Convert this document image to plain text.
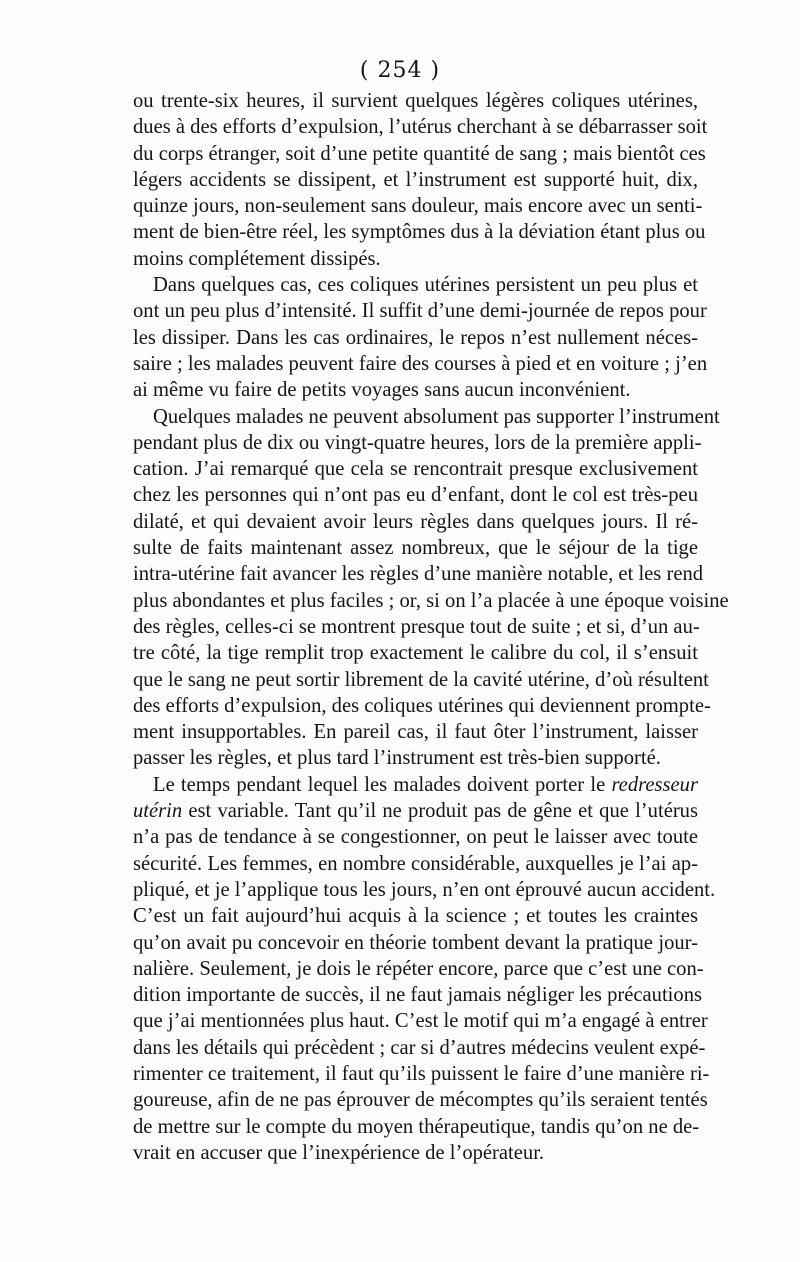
( 254 )
ou trente-six heures, il survient quelques légères coliques utérines,
dues à des efforts d’expulsion, l’utérus cherchant à se débarrasser soit
du corps étranger, soit d’une petite quantité de sang ; mais bientôt ces
légers accidents se dissipent, et l’instrument est supporté huit, dix,
quinze jours, non-seulement sans douleur, mais encore avec un senti-
ment de bien-être réel, les symptômes dus à la déviation étant plus ou
moins complétement dissipés.
Dans quelques cas, ces coliques utérines persistent un peu plus et
ont un peu plus d’intensité. Il suffit d’une demi-journée de repos pour
les dissiper. Dans les cas ordinaires, le repos n’est nullement néces-
saire ; les malades peuvent faire des courses à pied et en voiture ; j’en
ai même vu faire de petits voyages sans aucun inconvénient.
Quelques malades ne peuvent absolument pas supporter l’instrument
pendant plus de dix ou vingt-quatre heures, lors de la première appli-
cation. J’ai remarqué que cela se rencontrait presque exclusivement
chez les personnes qui n’ont pas eu d’enfant, dont le col est très-peu
dilaté, et qui devaient avoir leurs règles dans quelques jours. Il ré-
sulte de faits maintenant assez nombreux, que le séjour de la tige
intra-utérine fait avancer les règles d’une manière notable, et les rend
plus abondantes et plus faciles ; or, si on l’a placée à une époque voisine
des règles, celles-ci se montrent presque tout de suite ; et si, d’un au-
tre côté, la tige remplit trop exactement le calibre du col, il s’ensuit
que le sang ne peut sortir librement de la cavité utérine, d’où résultent
des efforts d’expulsion, des coliques utérines qui deviennent prompte-
ment insupportables. En pareil cas, il faut ôter l’instrument, laisser
passer les règles, et plus tard l’instrument est très-bien supporté.
Le temps pendant lequel les malades doivent porter le redresseur
utérin est variable. Tant qu’il ne produit pas de gêne et que l’utérus
n’a pas de tendance à se congestionner, on peut le laisser avec toute
sécurité. Les femmes, en nombre considérable, auxquelles je l’ai ap-
pliqué, et je l’applique tous les jours, n’en ont éprouvé aucun accident.
C’est un fait aujourd’hui acquis à la science ; et toutes les craintes
qu’on avait pu concevoir en théorie tombent devant la pratique jour-
nalière. Seulement, je dois le répéter encore, parce que c’est une con-
dition importante de succès, il ne faut jamais négliger les précautions
que j’ai mentionnées plus haut. C’est le motif qui m’a engagé à entrer
dans les détails qui précèdent ; car si d’autres médecins veulent expé-
rimenter ce traitement, il faut qu’ils puissent le faire d’une manière ri-
goureuse, afin de ne pas éprouver de mécomptes qu’ils seraient tentés
de mettre sur le compte du moyen thérapeutique, tandis qu’on ne de-
vrait en accuser que l’inexpérience de l’opérateur.
